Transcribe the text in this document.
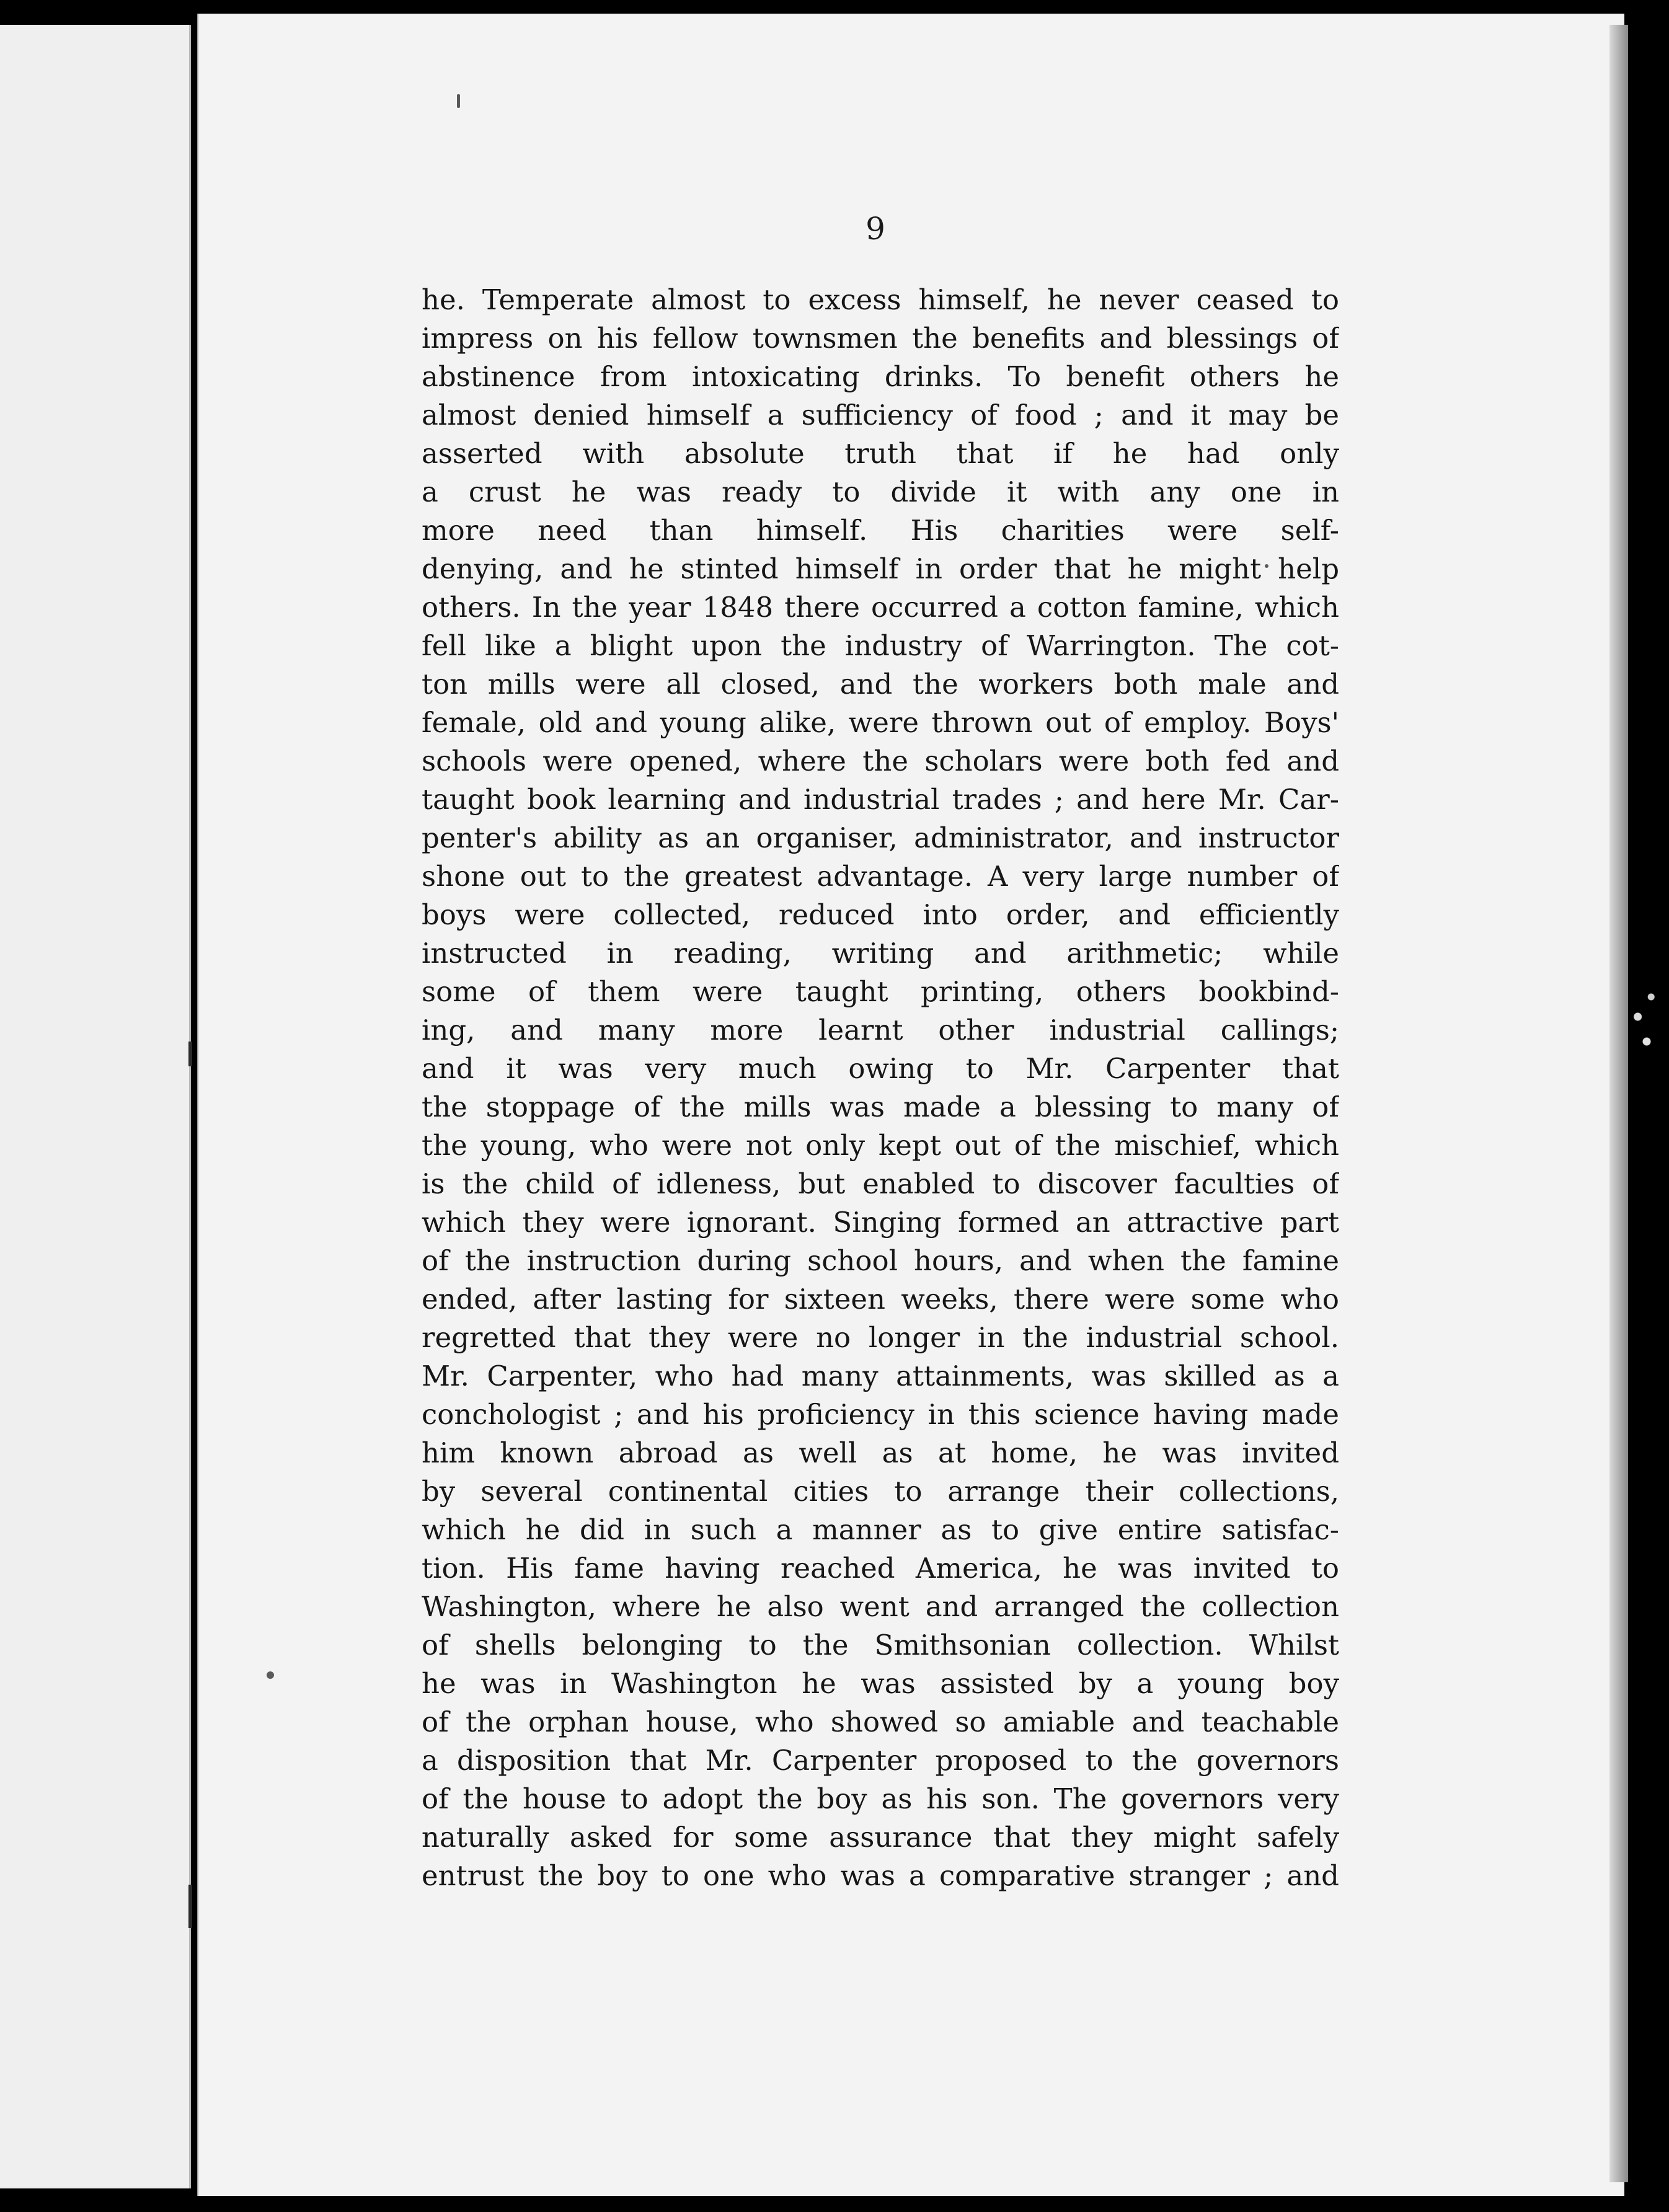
9
he. Temperate almost to excess himself, he never ceased to
impress on his fellow townsmen the benefits and blessings of
abstinence from intoxicating drinks. To benefit others he
almost denied himself a sufficiency of food ; and it may be
asserted with absolute truth that if he had only
a crust he was ready to divide it with any one in
more need than himself. His charities were self-
denying, and he stinted himself in order that he might help
others. In the year 1848 there occurred a cotton famine, which
fell like a blight upon the industry of Warrington. The cot-
ton mills were all closed, and the workers both male and
female, old and young alike, were thrown out of employ. Boys'
schools were opened, where the scholars were both fed and
taught book learning and industrial trades ; and here Mr. Car-
penter's ability as an organiser, administrator, and instructor
shone out to the greatest advantage. A very large number of
boys were collected, reduced into order, and efficiently
instructed in reading, writing and arithmetic; while
some of them were taught printing, others bookbind-
ing, and many more learnt other industrial callings;
and it was very much owing to Mr. Carpenter that
the stoppage of the mills was made a blessing to many of
the young, who were not only kept out of the mischief, which
is the child of idleness, but enabled to discover faculties of
which they were ignorant. Singing formed an attractive part
of the instruction during school hours, and when the famine
ended, after lasting for sixteen weeks, there were some who
regretted that they were no longer in the industrial school.
Mr. Carpenter, who had many attainments, was skilled as a
conchologist ; and his proficiency in this science having made
him known abroad as well as at home, he was invited
by several continental cities to arrange their collections,
which he did in such a manner as to give entire satisfac-
tion. His fame having reached America, he was invited to
Washington, where he also went and arranged the collection
of shells belonging to the Smithsonian collection. Whilst
he was in Washington he was assisted by a young boy
of the orphan house, who showed so amiable and teachable
a disposition that Mr. Carpenter proposed to the governors
of the house to adopt the boy as his son. The governors very
naturally asked for some assurance that they might safely
entrust the boy to one who was a comparative stranger ; and
